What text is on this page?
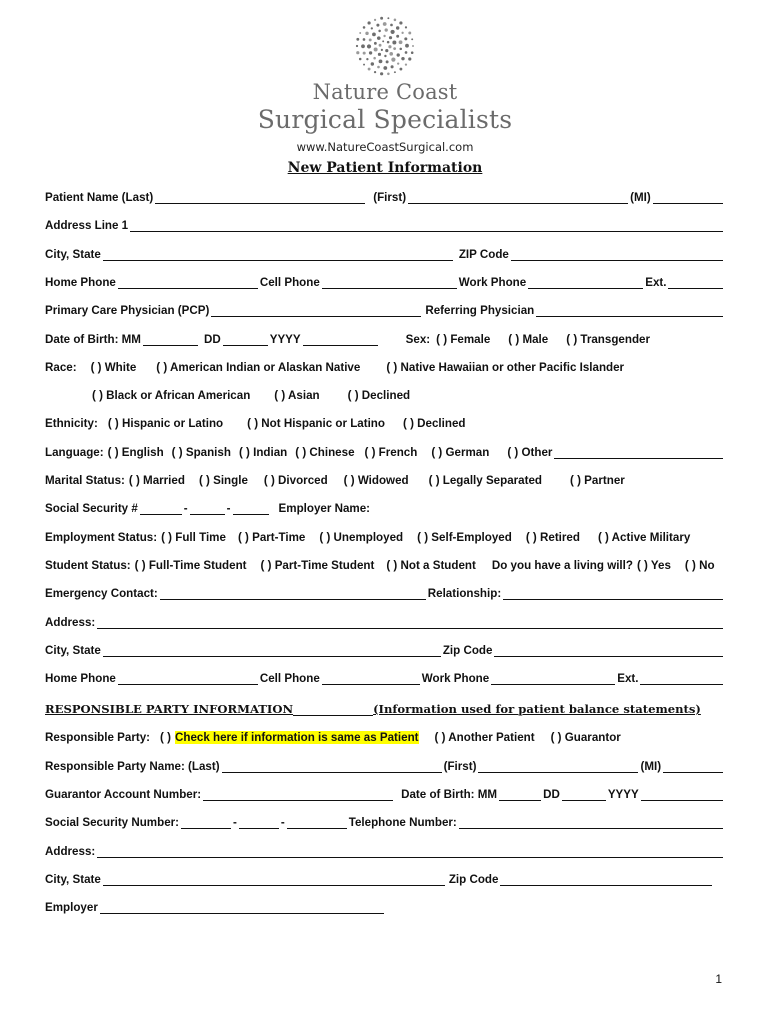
Nature Coast
Surgical Specialists
www.NatureCoastSurgical.com
New Patient Information
Patient Name (Last)	(First)	(MI)
Address Line 1
City, State	ZIP Code
Home Phone	Cell Phone	Work Phone	Ext.
Primary Care Physician (PCP)	Referring Physician
Date of Birth: MM	DD	YYYY	Sex: ( ) Female ( ) Male ( ) Transgender
Race: ( ) White ( ) American Indian or Alaskan Native ( ) Native Hawaiian or other Pacific Islander
( ) Black or African American ( ) Asian ( ) Declined
Ethnicity: ( ) Hispanic or Latino ( ) Not Hispanic or Latino ( ) Declined
Language: ( ) English ( ) Spanish ( ) Indian ( ) Chinese ( ) French ( ) German ( ) Other
Marital Status: ( ) Married ( ) Single ( ) Divorced ( ) Widowed ( ) Legally Separated ( ) Partner
Social Security #	-	-	Employer Name:
Employment Status: ( ) Full Time ( ) Part-Time ( ) Unemployed ( ) Self-Employed ( ) Retired ( ) Active Military
Student Status: ( ) Full-Time Student ( ) Part-Time Student ( ) Not a Student Do you have a living will? ( ) Yes ( ) No
Emergency Contact:	Relationship:
Address:
City, State	Zip Code
Home Phone	Cell Phone	Work Phone	Ext.
RESPONSIBLE PARTY INFORMATION	(Information used for patient balance statements)
Responsible Party: ( ) Check here if information is same as Patient ( ) Another Patient ( ) Guarantor
Responsible Party Name: (Last)	(First)	(MI)
Guarantor Account Number:	Date of Birth: MM	DD	YYYY
Social Security Number:	-	-	Telephone Number:
Address:
City, State	Zip Code
Employer
1
